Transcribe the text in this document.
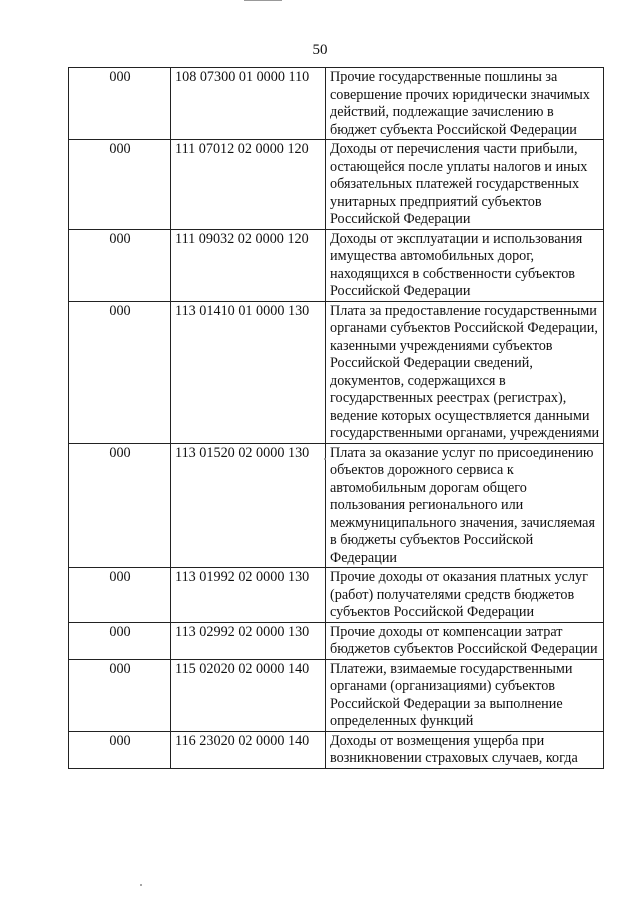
50
000	108 07300 01 0000 110	Прочие государственные пошлины за совершение прочих юридически значимых действий, подлежащие зачислению в бюджет субъекта Российской Федерации
000	111 07012 02 0000 120	Доходы от перечисления части прибыли, остающейся после уплаты налогов и иных обязательных платежей государственных унитарных предприятий субъектов Российской Федерации
000	111 09032 02 0000 120	Доходы от эксплуатации и использования имущества автомобильных дорог, находящихся в собственности субъектов Российской Федерации
000	113 01410 01 0000 130	Плата за предоставление государственными органами субъектов Российской Федерации, казенными учреждениями субъектов Российской Федерации сведений, документов, содержащихся в государственных реестрах (регистрах), ведение которых осуществляется данными государственными органами, учреждениями
000	113 01520 02 0000 130	Плата за оказание услуг по присоединению объектов дорожного сервиса к автомобильным дорогам общего пользования регионального или межмуниципального значения, зачисляемая в бюджеты субъектов Российской Федерации
000	113 01992 02 0000 130	Прочие доходы от оказания платных услуг (работ) получателями средств бюджетов субъектов Российской Федерации
000	113 02992 02 0000 130	Прочие доходы от компенсации затрат бюджетов субъектов Российской Федерации
000	115 02020 02 0000 140	Платежи, взимаемые государственными органами (организациями) субъектов Российской Федерации за выполнение определенных функций
000	116 23020 02 0000 140	Доходы от возмещения ущерба при возникновении страховых случаев, когда
